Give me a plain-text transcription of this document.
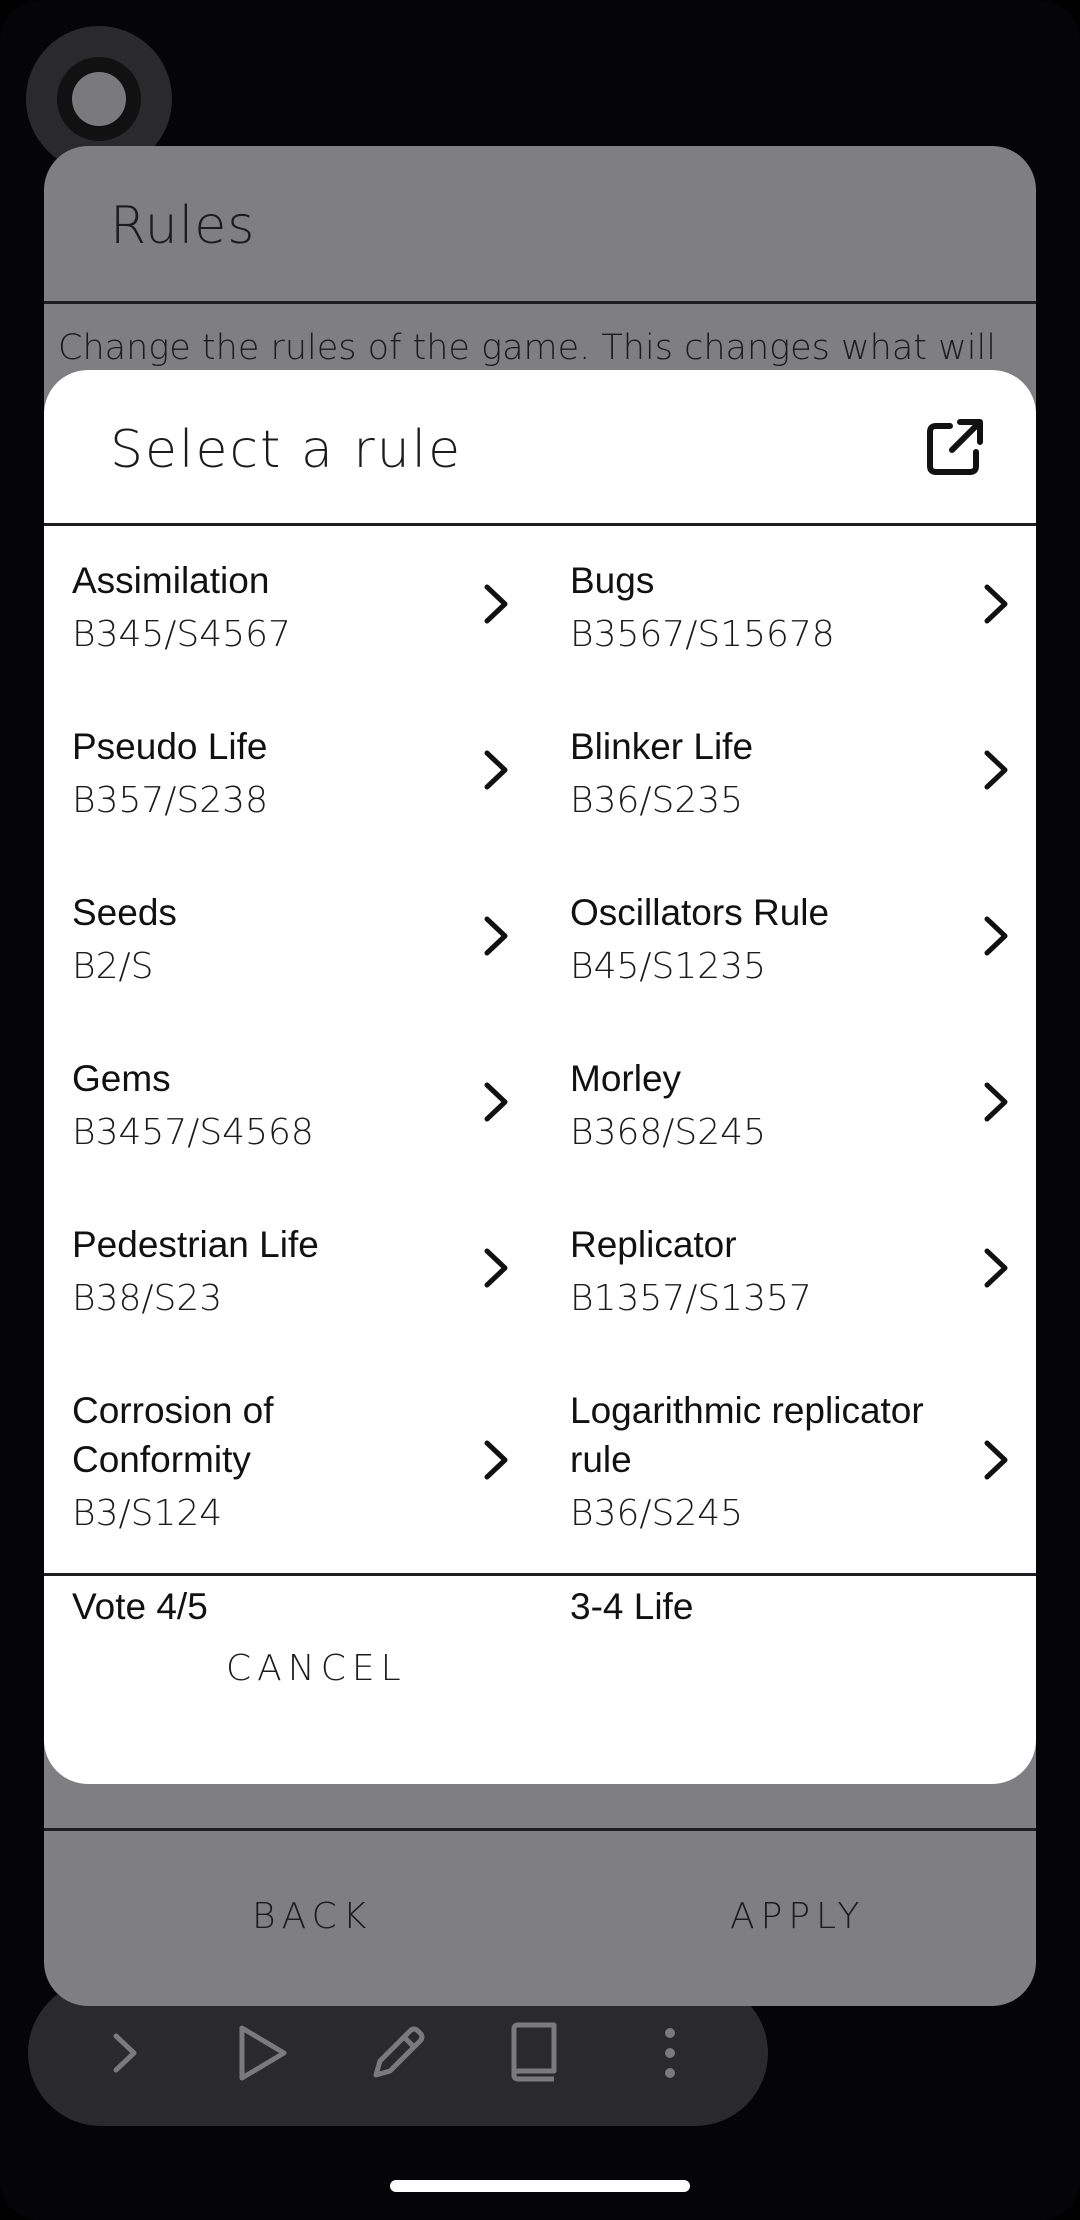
Rules
Change the rules of the game. This changes what will
BACK	APPLY
Select a rule
Assimilation
B345/S4567
Bugs
B3567/S15678
Pseudo Life
B357/S238
Blinker Life
B36/S235
Seeds
B2/S
Oscillators Rule
B45/S1235
Gems
B3457/S4568
Morley
B368/S245
Pedestrian Life
B38/S23
Replicator
B1357/S1357
Corrosion of Conformity
B3/S124
Logarithmic replicator rule
B36/S245
Vote 4/5	3-4 Life
CANCEL
